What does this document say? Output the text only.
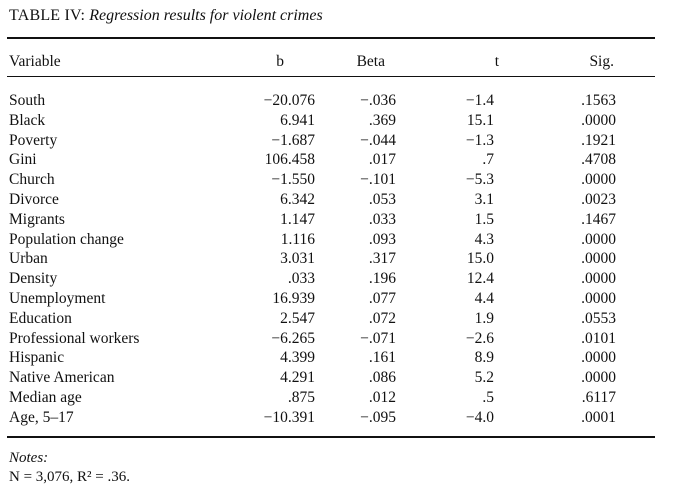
TABLE IV: Regression results for violent crimes
Variable	b	Beta	t	Sig.
South	−20.076	−.036	−1.4	.1563
Black	6.941	.369	15.1	.0000
Poverty	−1.687	−.044	−1.3	.1921
Gini	106.458	.017	.7	.4708
Church	−1.550	−.101	−5.3	.0000
Divorce	6.342	.053	3.1	.0023
Migrants	1.147	.033	1.5	.1467
Population change	1.116	.093	4.3	.0000
Urban	3.031	.317	15.0	.0000
Density	.033	.196	12.4	.0000
Unemployment	16.939	.077	4.4	.0000
Education	2.547	.072	1.9	.0553
Professional workers	−6.265	−.071	−2.6	.0101
Hispanic	4.399	.161	8.9	.0000
Native American	4.291	.086	5.2	.0000
Median age	.875	.012	.5	.6117
Age, 5–17	−10.391	−.095	−4.0	.0001
Notes:
N = 3,076, R² = .36.
